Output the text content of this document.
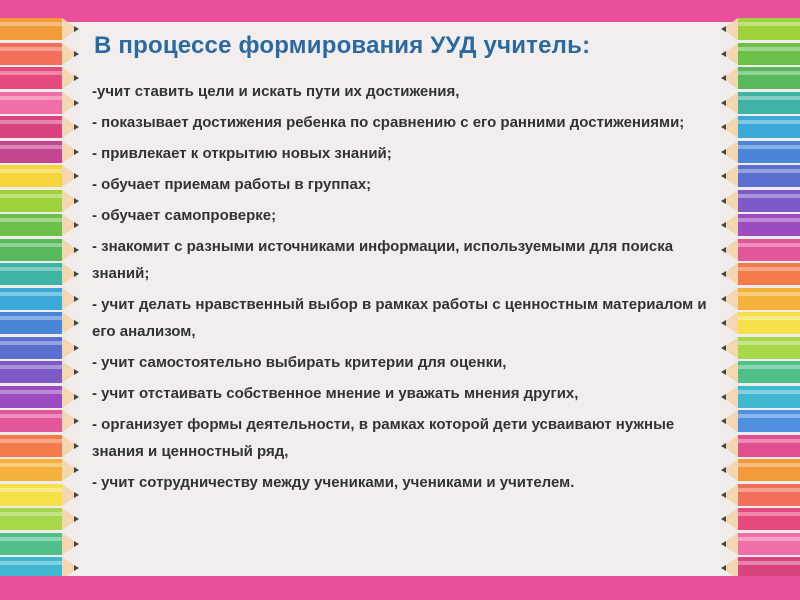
В процессе формирования УУД учитель:
-учит ставить цели и искать пути их достижения,
- показывает достижения ребенка по сравнению с его ранними достижениями;
- привлекает к открытию новых знаний;
- обучает приемам работы в группах;
- обучает самопроверке;
- знакомит с разными источниками информации, используемыми для поиска знаний;
- учит делать нравственный выбор в рамках работы с ценностным материалом и его анализом,
- учит самостоятельно выбирать критерии для оценки,
- учит отстаивать собственное мнение и уважать мнения других,
- организует формы деятельности, в рамках которой дети усваивают нужные знания и ценностный ряд,
- учит сотрудничеству между учениками, учениками и учителем.
